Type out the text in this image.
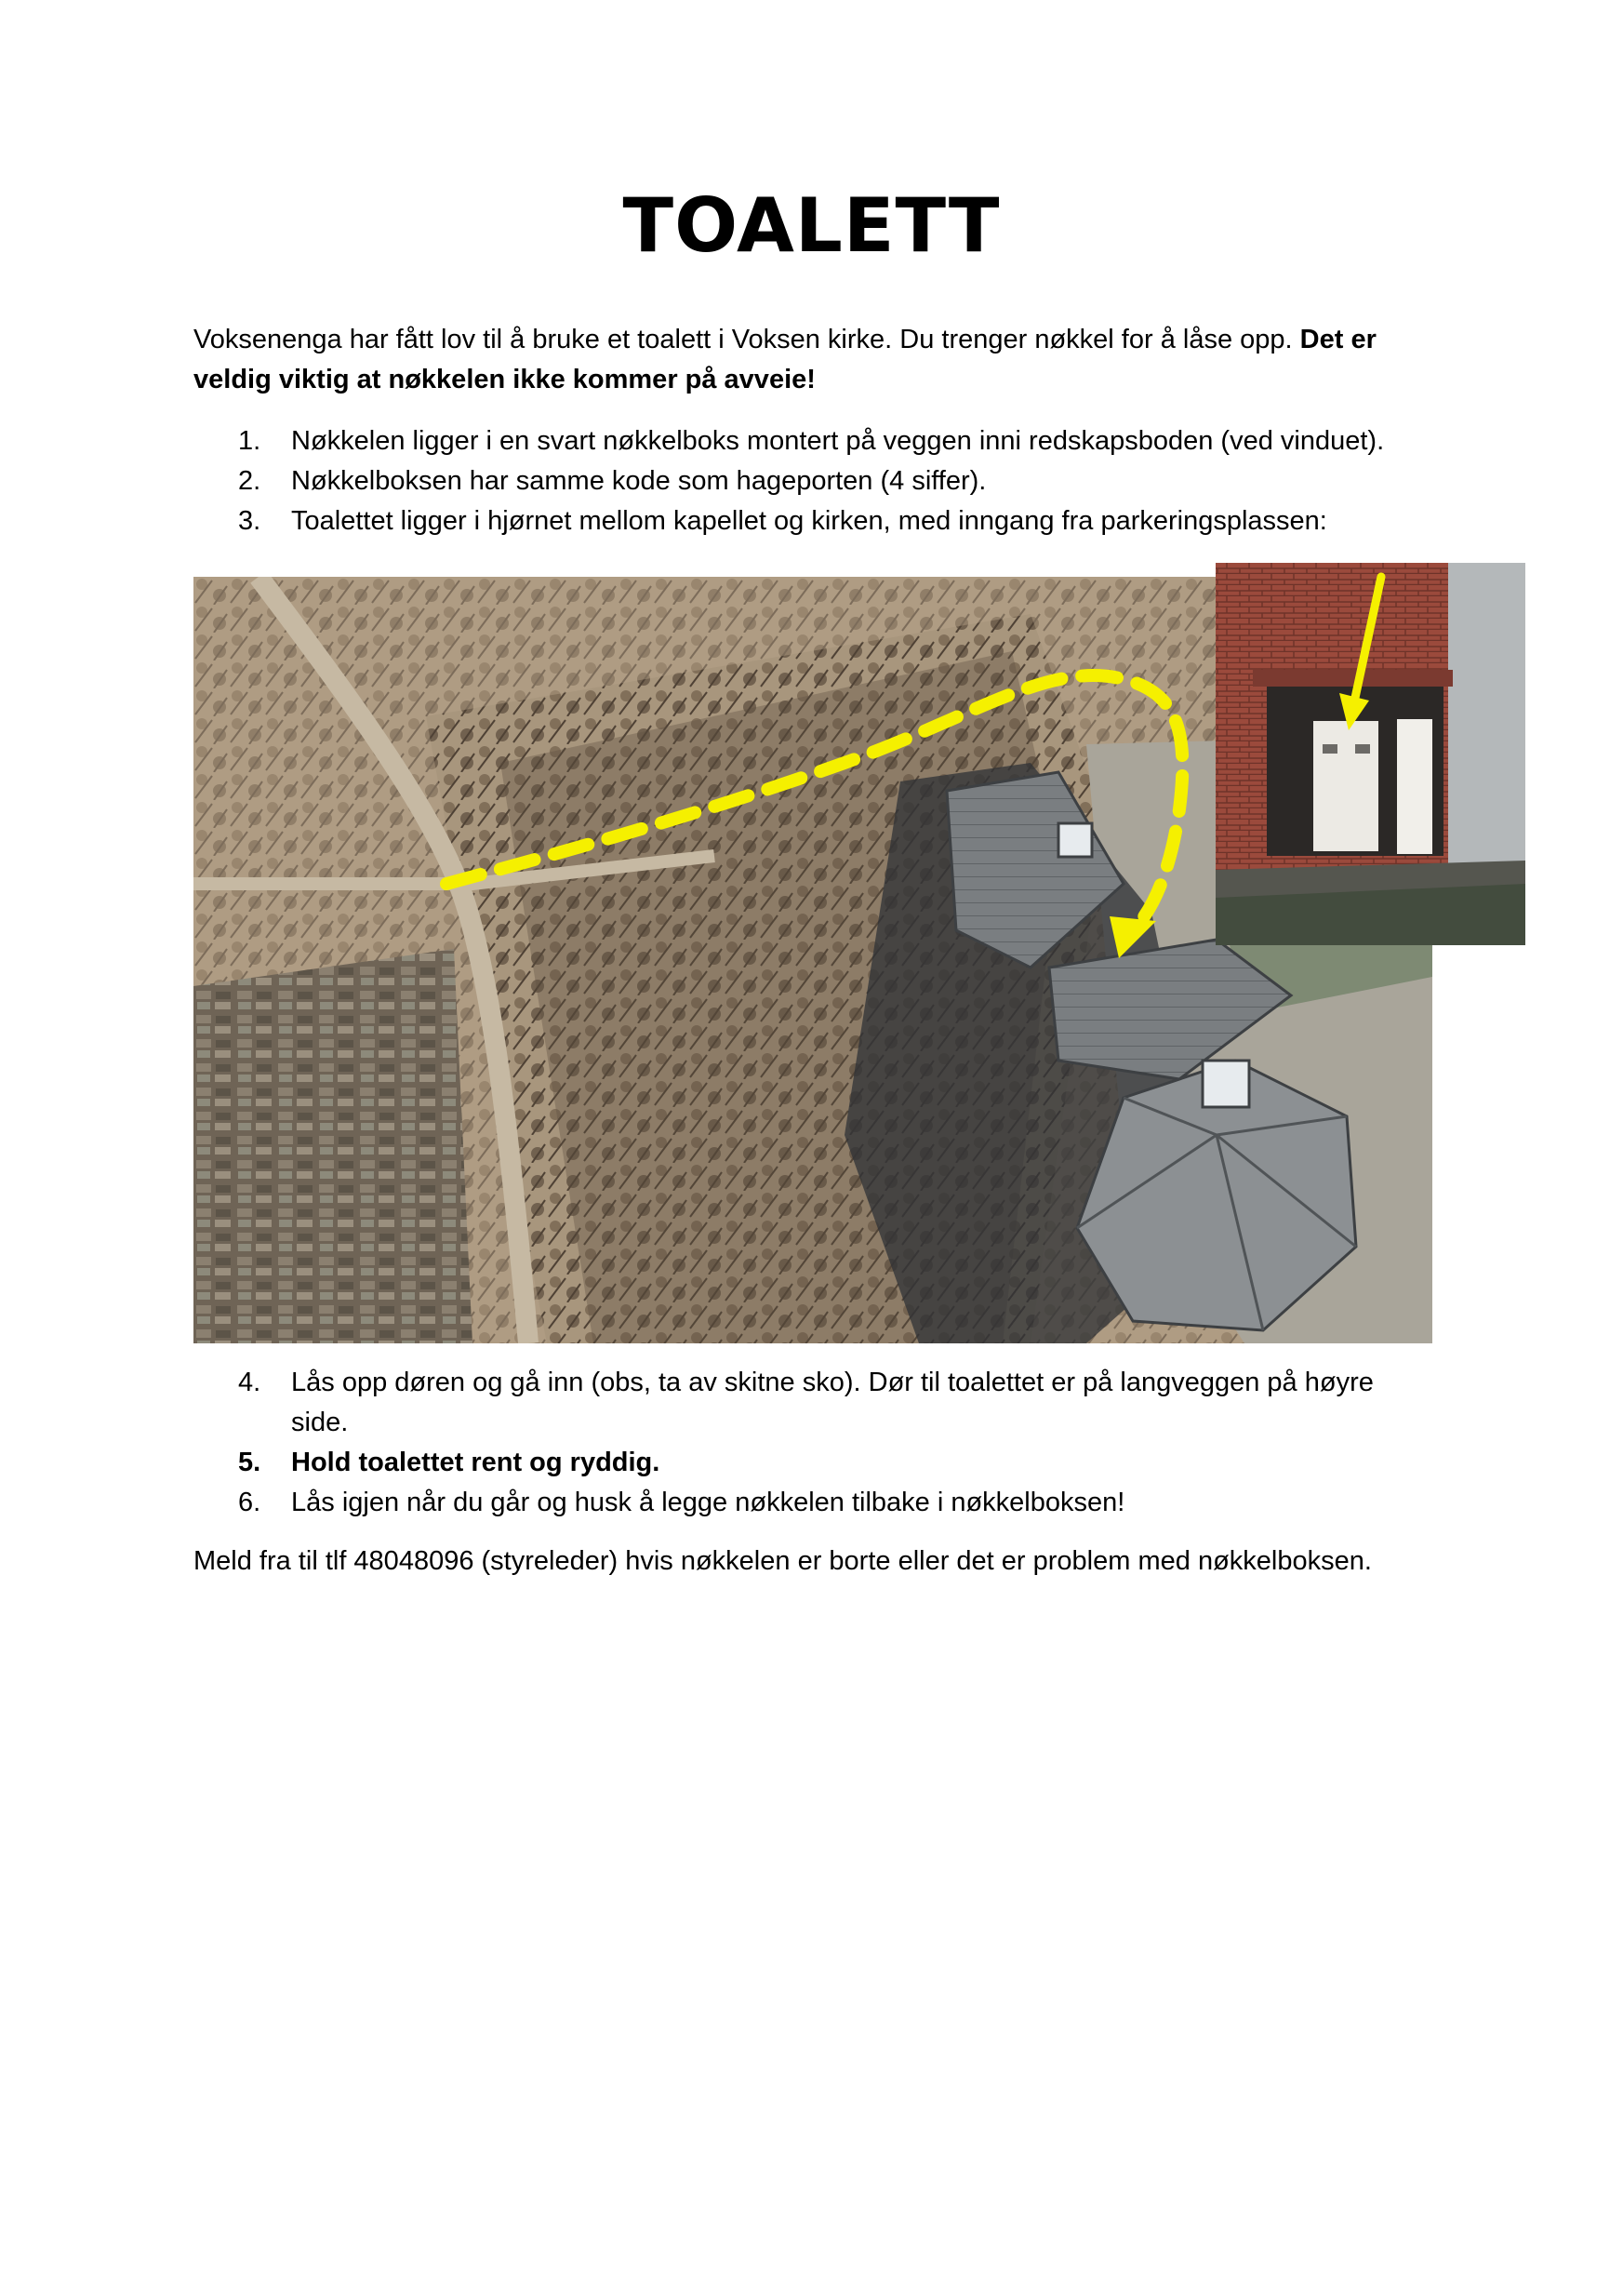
TOALETT
Voksenenga har fått lov til å bruke et toalett i Voksen kirke. Du trenger nøkkel for å låse opp. Det er veldig viktig at nøkkelen ikke kommer på avveie!
1. Nøkkelen ligger i en svart nøkkelboks montert på veggen inni redskapsboden (ved vinduet).
2. Nøkkelboksen har samme kode som hageporten (4 siffer).
3. Toalettet ligger i hjørnet mellom kapellet og kirken, med inngang fra parkeringsplassen:
4. Lås opp døren og gå inn (obs, ta av skitne sko). Dør til toalettet er på langveggen på høyre side.
5. Hold toalettet rent og ryddig.
6. Lås igjen når du går og husk å legge nøkkelen tilbake i nøkkelboksen!
Meld fra til tlf 48048096 (styreleder) hvis nøkkelen er borte eller det er problem med nøkkelboksen.
